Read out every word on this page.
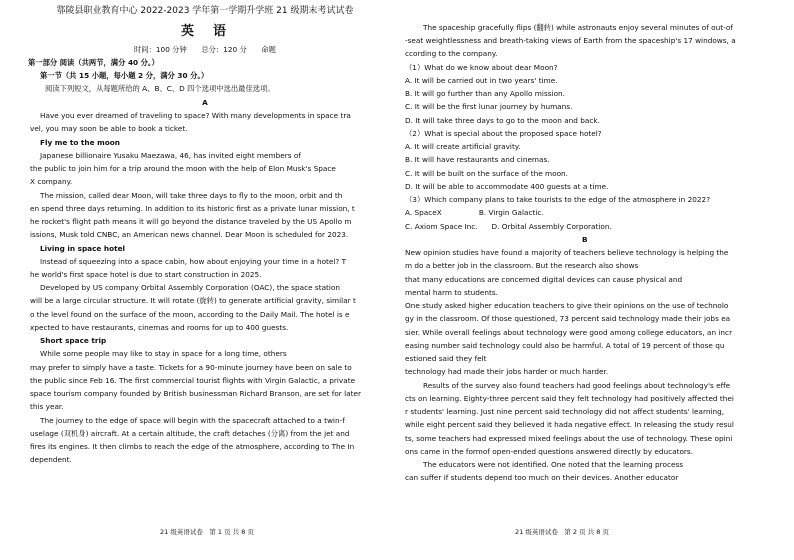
鄠陵县职业教育中心 2022-2023 学年第一学期升学班 21 级期末考试试卷
英　语
时间：100 分钟　　总分：120 分　　命题
第一部分 阅读（共两节，满分 40 分。）
第一节（共 15 小题，每小题 2 分，满分 30 分。）
阅读下列短文，从每题所给的 A、B、C、D 四个选项中选出最佳选项。
A
Have you ever dreamed of traveling to space? With many developments in space tra
vel, you may soon be able to book a ticket.
Fly me to the moon
Japanese billionaire Yusaku Maezawa, 46, has invited eight members of
the public to join him for a trip around the moon with the help of Elon Musk's Space
X company.
The mission, called dear Moon, will take three days to fly to the moon, orbit and th
en spend three days returning. In addition to its historic first as a private lunar mission, t
he rocket's flight path means it will go beyond the distance traveled by the US Apollo m
issions, Musk told CNBC, an American news channel. Dear Moon is scheduled for 2023.
Living in space hotel
Instead of squeezing into a space cabin, how about enjoying your time in a hotel? T
he world's first space hotel is due to start construction in 2025.
Developed by US company Orbital Assembly Corporation (OAC), the space station
will be a large circular structure. It will rotate (旋转) to generate artificial gravity, similar t
o the level found on the surface of the moon, according to the Daily Mail. The hotel is e
xpected to have restaurants, cinemas and rooms for up to 400 guests.
Short space trip
While some people may like to stay in space for a long time, others
may prefer to simply have a taste. Tickets for a 90-minute journey have been on sale to
the public since Feb 16. The first commercial tourist flights with Virgin Galactic, a private
space tourism company founded by British businessman Richard Branson, are set for later
this year.
The journey to the edge of space will begin with the spacecraft attached to a twin-f
uselage (双机身) aircraft. At a certain altitude, the craft detaches (分离) from the jet and
fires its engines. It then climbs to reach the edge of the atmosphere, according to The In
dependent.
21 级英语试卷　第 1 页 共 8 页
The spaceship gracefully flips (翻转) while astronauts enjoy several minutes of out-of
-seat weightlessness and breath-taking views of Earth from the spaceship's 17 windows, a
ccording to the company.
（1）What do we know about dear Moon?
A. It will be carried out in two years' time.
B. It will go further than any Apollo mission.
C. It will be the first lunar journey by humans.
D. It will take three days to go to the moon and back.
（2）What is special about the proposed space hotel?
A. It will create artificial gravity.
B. It will have restaurants and cinemas.
C. It will be built on the surface of the moon.
D. It will be able to accommodate 400 guests at a time.
（3）Which company plans to take tourists to the edge of the atmosphere in 2022?
A. SpaceX                B. Virgin Galactic.
C. Axiom Space Inc.      D. Orbital Assembly Corporation.
B
New opinion studies have found a majority of teachers believe technology is helping the
m do a better job in the classroom. But the research also shows
that many educations are concerned digital devices can cause physical and
mental harm to students.
One study asked higher education teachers to give their opinions on the use of technolo
gy in the classroom. Of those questioned, 73 percent said technology made their jobs ea
sier. While overall feelings about technology were good among college educators, an incr
easing number said technology could also be harmful. A total of 19 percent of those qu
estioned said they felt
technology had made their jobs harder or much harder.
Results of the survey also found teachers had good feelings about technology's effe
cts on learning. Eighty-three percent said they felt technology had positively affected thei
r students' learning. Just nine percent said technology did not affect students' learning,
while eight percent said they believed it hada negative effect. In releasing the study resul
ts, some teachers had expressed mixed feelings about the use of technology. These opini
ons came in the formof open-ended questions answered directly by educators.
The educators were not identified. One noted that the learning process
can suffer if students depend too much on their devices. Another educator
21 级英语试卷　第 2 页 共 8 页
